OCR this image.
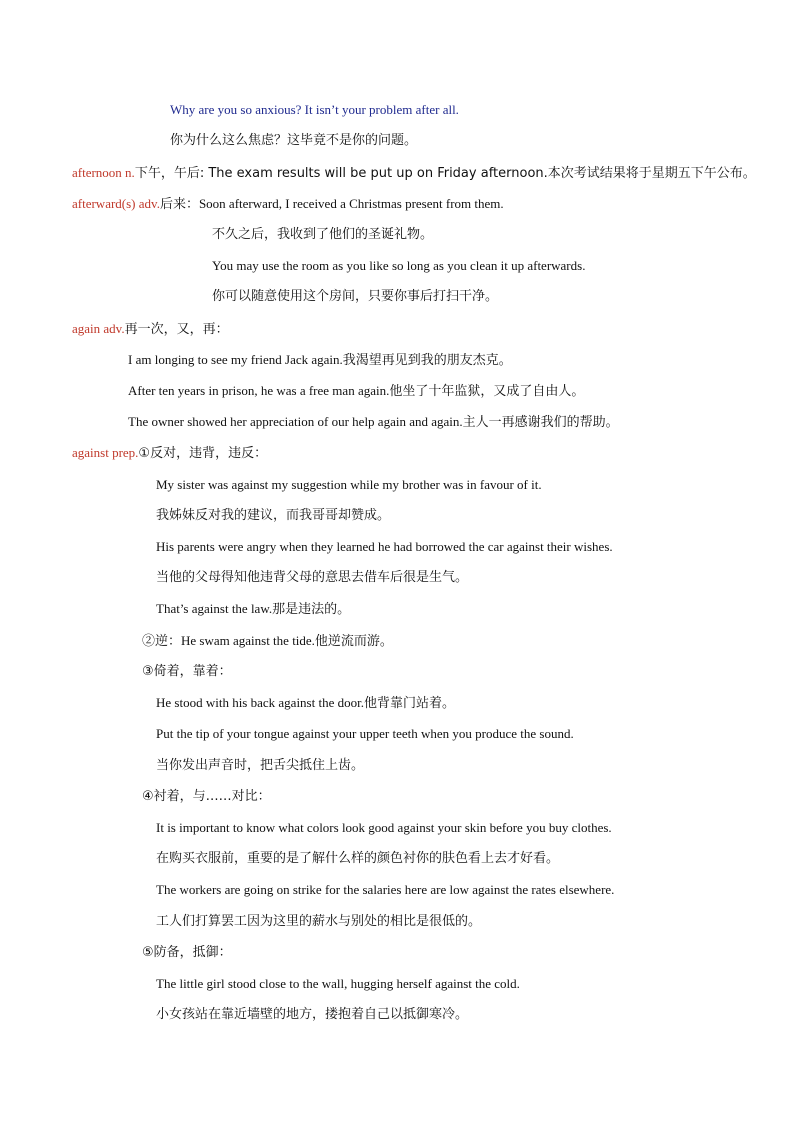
Why are you so anxious? It isn’t your problem after all.
你为什么这么焦虑？这毕竟不是你的问题。
afternoon n.下午，午后: The exam results will be put up on Friday afternoon.本次考试结果将于星期五下午公布。
afterward(s) adv.后来：Soon afterward, I received a Christmas present from them.
不久之后，我收到了他们的圣诞礼物。
You may use the room as you like so long as you clean it up afterwards.
你可以随意使用这个房间，只要你事后打扫干净。
again adv.再一次，又，再：
I am longing to see my friend Jack again.我渴望再见到我的朋友杰克。
After ten years in prison, he was a free man again.他坐了十年监狱，又成了自由人。
The owner showed her appreciation of our help again and again.主人一再感谢我们的帮助。
against prep.①反对，违背，违反：
My sister was against my suggestion while my brother was in favour of it.
我姊妹反对我的建议，而我哥哥却赞成。
His parents were angry when they learned he had borrowed the car against their wishes.
当他的父母得知他违背父母的意思去借车后很是生气。
That’s against the law.那是违法的。
②逆：He swam against the tide.他逆流而游。
③倚着，靠着：
He stood with his back against the door.他背靠门站着。
Put the tip of your tongue against your upper teeth when you produce the sound.
当你发出声音时，把舌尖抵住上齿。
④衬着，与……对比：
It is important to know what colors look good against your skin before you buy clothes.
在购买衣服前，重要的是了解什么样的颜色衬你的肤色看上去才好看。
The workers are going on strike for the salaries here are low against the rates elsewhere.
工人们打算罢工因为这里的薪水与别处的相比是很低的。
⑤防备，抵御：
The little girl stood close to the wall, hugging herself against the cold.
小女孩站在靠近墙壁的地方，搂抱着自己以抵御寒冷。
